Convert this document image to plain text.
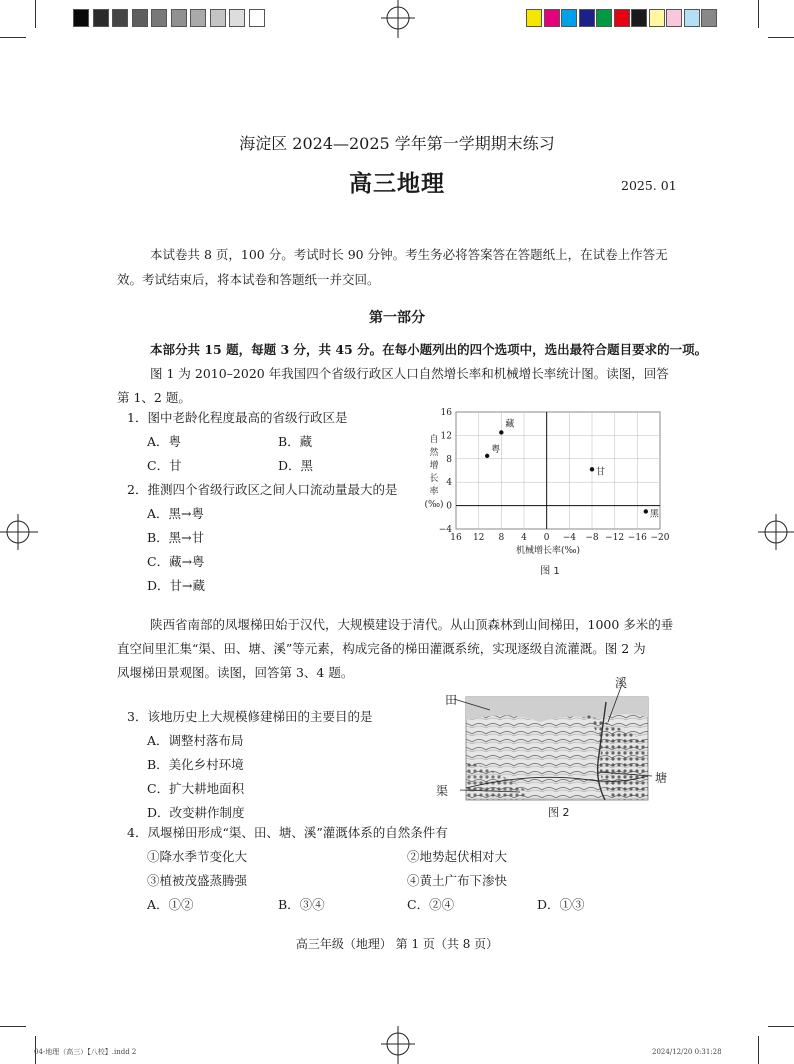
海淀区 2024—2025 学年第一学期期末练习
高三地理	2025. 01
本试卷共 8 页，100 分。考试时长 90 分钟。考生务必将答案答在答题纸上，在试卷上作答无
效。考试结束后，将本试卷和答题纸一并交回。
第一部分
本部分共 15 题，每题 3 分，共 45 分。在每小题列出的四个选项中，选出最符合题目要求的一项。
图 1 为 2010–2020 年我国四个省级行政区人口自然增长率和机械增长率统计图。读图，回答
第 1、2 题。
1．图中老龄化程度最高的省级行政区是
A．粤	B．藏
C．甘	D．黑
2．推测四个省级行政区之间人口流动量最大的是
A．黑→粤
B．黑→甘
C．藏→粤
D．甘→藏
16 12 8 4 0 −4 −8 −12 −16 −20
16
12
8
4
0
−4
自
然
增
长
率
(‰)
机械增长率(‰)
图 1
藏
粤
甘
黑
陕西省南部的凤堰梯田始于汉代，大规模建设于清代。从山顶森林到山间梯田，1000 多米的垂
直空间里汇集“渠、田、塘、溪”等元素，构成完备的梯田灌溉系统，实现逐级自流灌溉。图 2 为
凤堰梯田景观图。读图，回答第 3、4 题。
3．该地历史上大规模修建梯田的主要目的是
A．调整村落布局
B．美化乡村环境
C．扩大耕地面积
D．改变耕作制度
田
溪
塘
渠
图 2
4．凤堰梯田形成“渠、田、塘、溪”灌溉体系的自然条件有
①降水季节变化大	②地势起伏相对大
③植被茂盛蒸腾强	④黄土广布下渗快
A．①②	B．③④	C．②④	D．①③
高三年级（地理） 第 1 页（共 8 页）
04-地理（高三）【八校】.indd 2	2024/12/20 0:31:28
